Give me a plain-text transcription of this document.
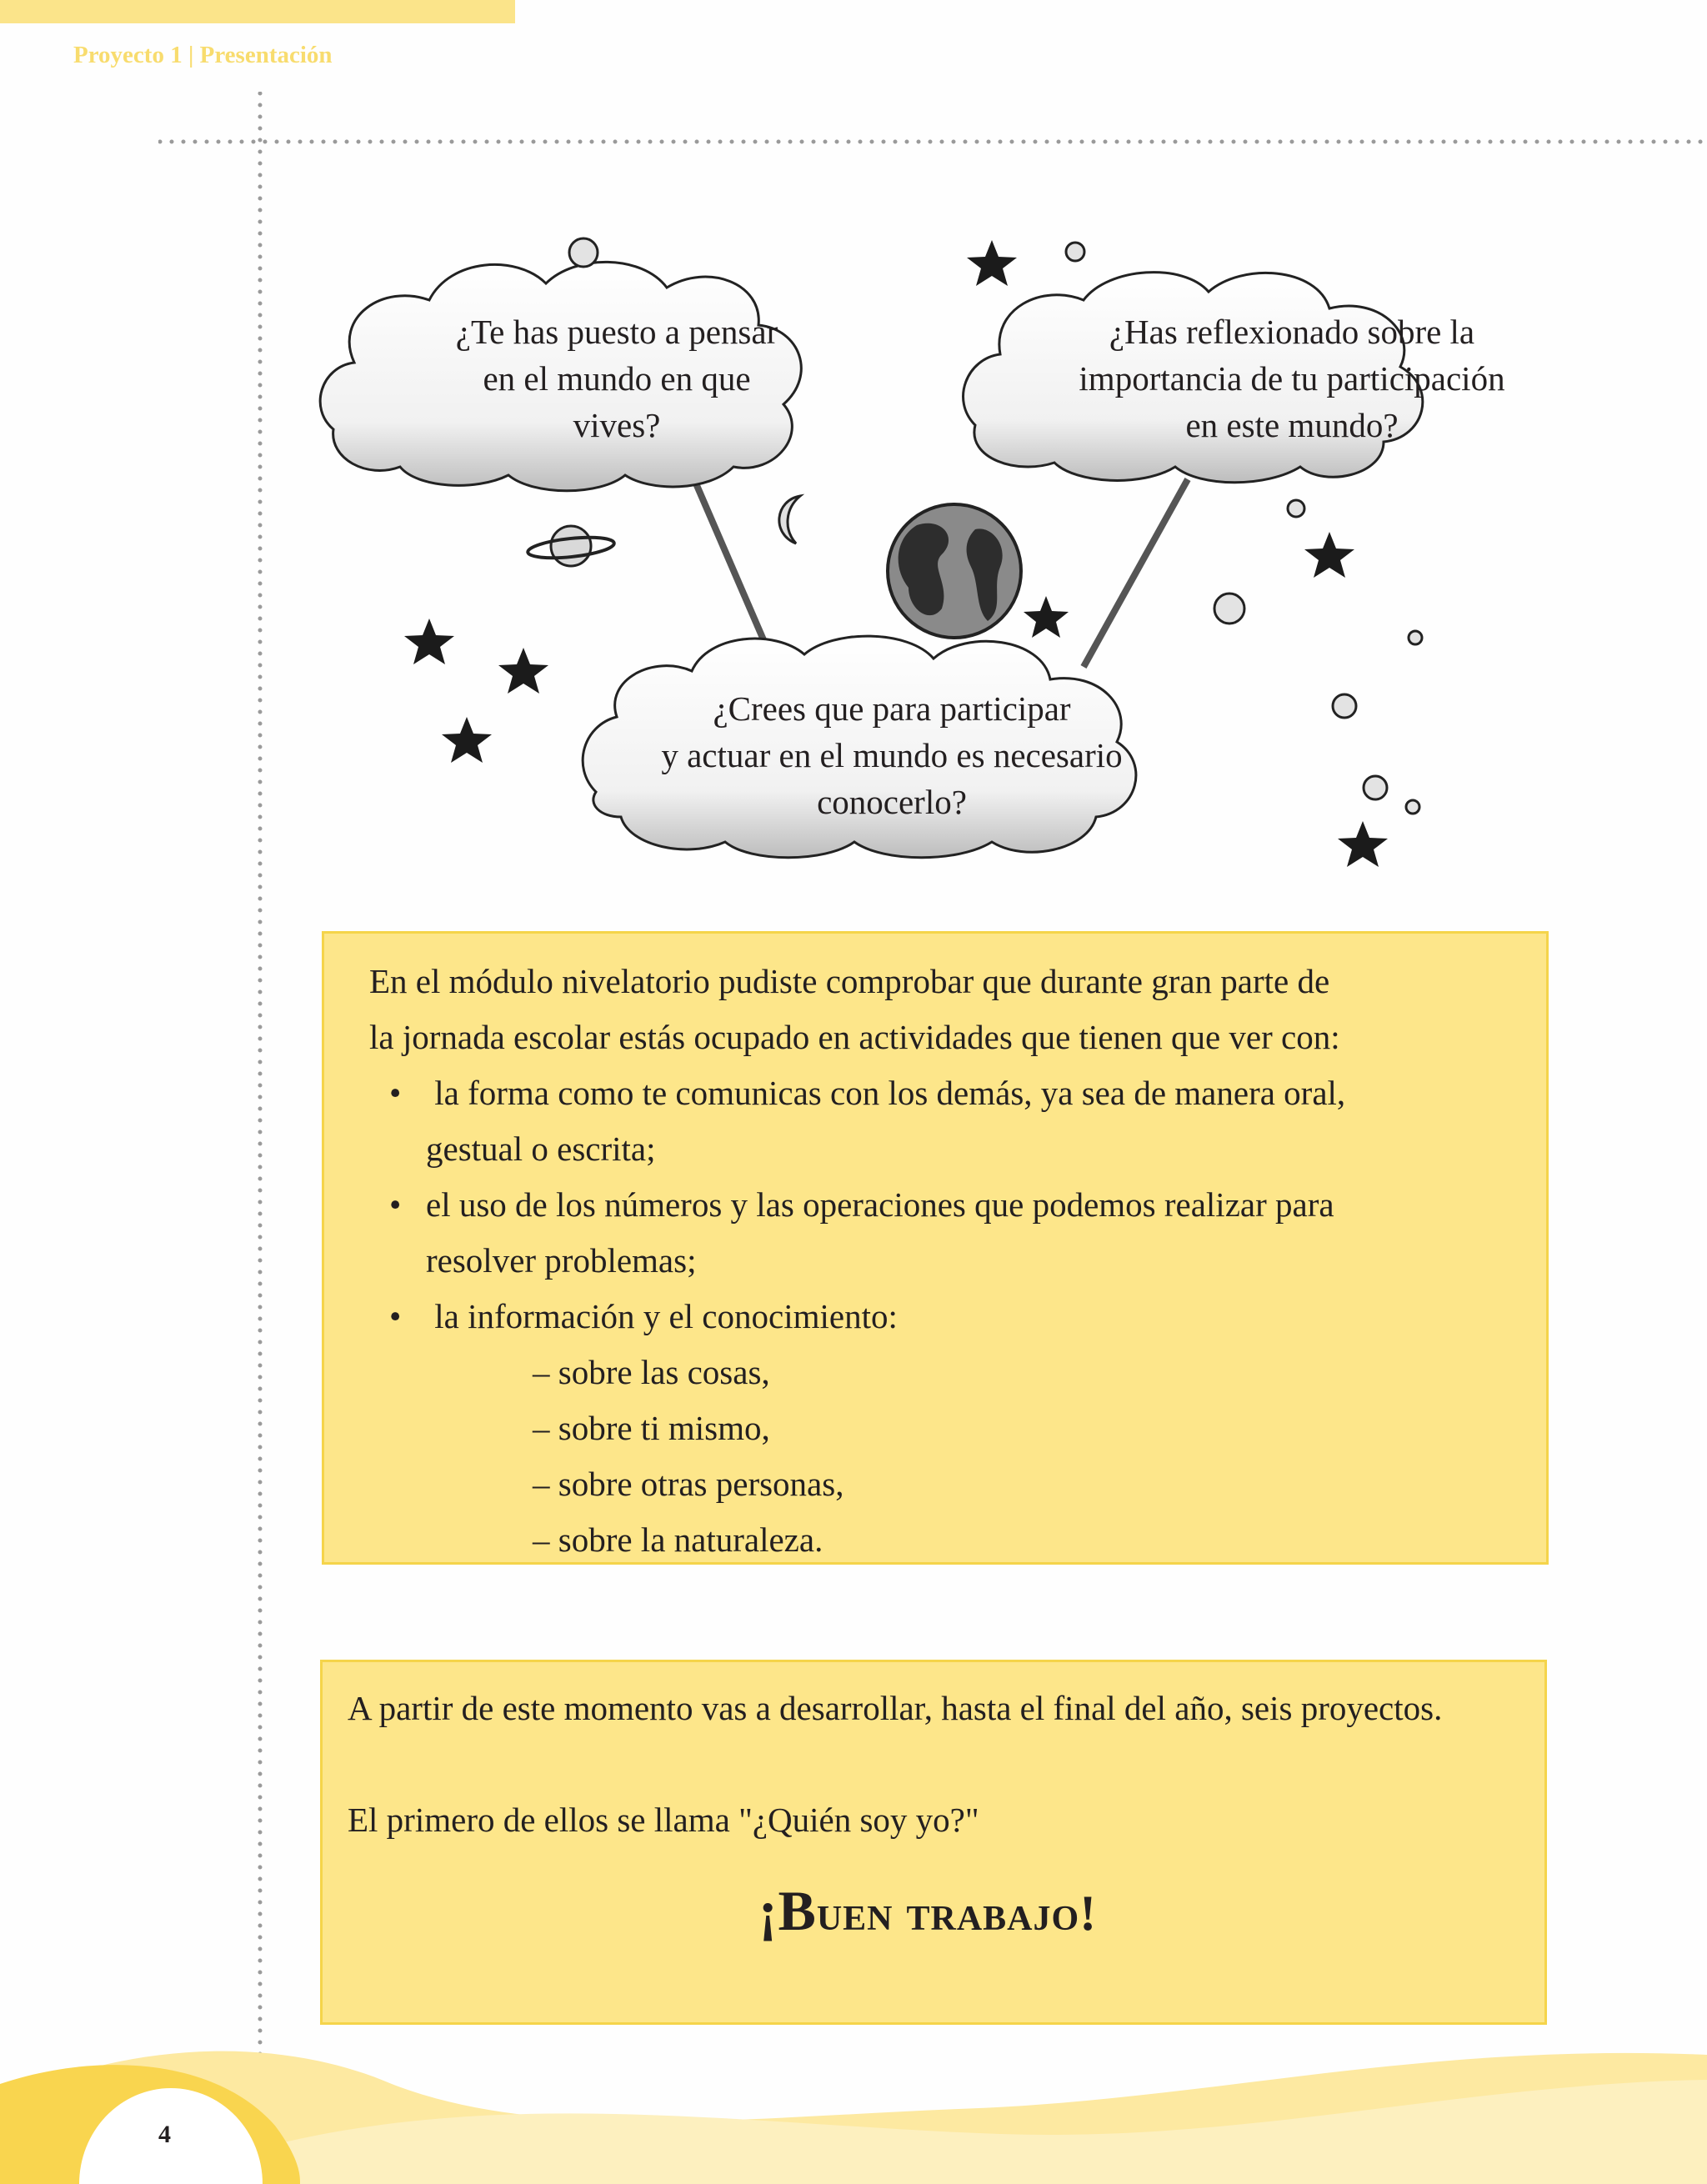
Proyecto 1 | Presentación
¿Te has puesto a pensar
en el mundo en que
vives?
¿Has reflexionado sobre la
importancia de tu participación
en este mundo?
¿Crees que para participar
y actuar en el mundo es necesario
conocerlo?

En el módulo nivelatorio pudiste comprobar que durante gran parte de

la jornada escolar estás ocupado en actividades que tienen que ver con:

• la forma como te comunicas con los demás, ya sea de manera oral,
gestual o escrita;
• el uso de los números y las operaciones que podemos realizar para
resolver problemas;
• la información y el conocimiento:
– sobre las cosas,
– sobre ti mismo,
– sobre otras personas,
– sobre la naturaleza.

A partir de este momento vas a desarrollar, hasta el final del año, seis proyectos.

El primero de ellos se llama "¿Quién soy yo?"

¡Buen trabajo!
4
